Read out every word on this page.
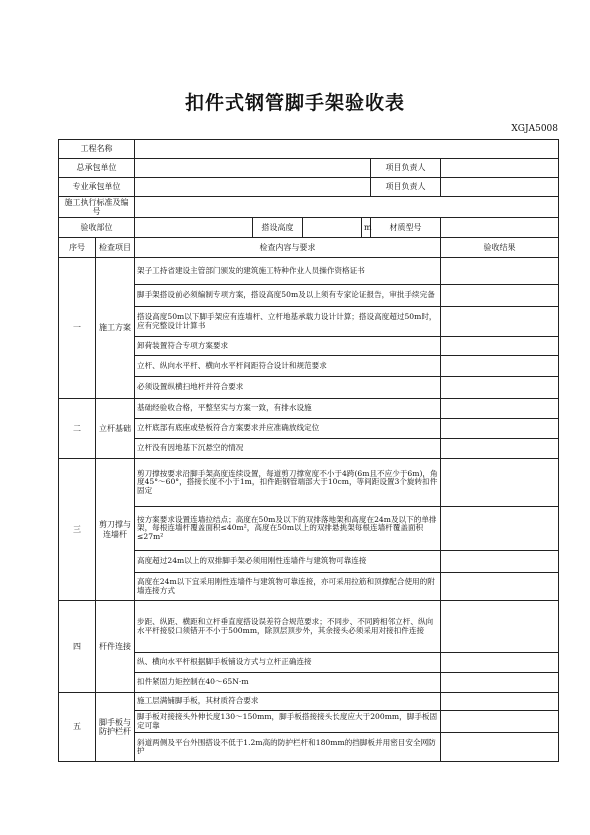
扣件式钢管脚手架验收表
XGJA5008
工程名称							
总承包单位						项目负责人	
专业承包单位						项目负责人	
施工执行标准及编号							
验收部位			搭设高度		m	材质型号	
序号	检查项目	检查内容与要求					验收结果
一	施工方案	架子工持省建设主管部门颁发的建筑施工特种作业人员操作资格证书					
		脚手架搭设前必须编制专项方案，搭设高度50m及以上须有专家论证报告，审批手续完备					
		搭设高度50m以下脚手架应有连墙杆、立杆地基承载力设计计算；搭设高度超过50m时，应有完整设计计算书					
		卸荷装置符合专项方案要求					
		立杆、纵向水平杆、横向水平杆间距符合设计和规范要求					
		必须设置纵横扫地杆并符合要求					
二	立杆基础	基础经验收合格，平整坚实与方案一致，有排水设施					
		立杆底部有底座或垫板符合方案要求并应准确放线定位					
		立杆没有因地基下沉悬空的情况					
三	剪刀撑与连墙杆	剪刀撑按要求沿脚手架高度连续设置，每道剪刀撑宽度不小于4跨(6m且不应少于6m)，角度45°～60°，搭接长度不小于1m，扣件距钢管端部大于10cm，等间距设置3个旋转扣件固定					
		按方案要求设置连墙拉结点；高度在50m及以下的双排落地架和高度在24m及以下的单排架，每根连墙杆覆盖面积≤40m²，高度在50m以上的双排悬挑架每根连墙杆覆盖面积≤27m²					
		高度超过24m以上的双排脚手架必须用刚性连墙件与建筑物可靠连接					
		高度在24m以下宜采用刚性连墙件与建筑物可靠连接，亦可采用拉筋和顶撑配合使用的附墙连接方式					
四	杆件连接	步距、纵距、横距和立杆垂直度搭设误差符合规范要求；不同步、不同跨相邻立杆、纵向水平杆接驳口须错开不小于500mm，除顶层顶步外，其余接头必须采用对接扣件连接					
		纵、横向水平杆根据脚手板铺设方式与立杆正确连接					
		扣件紧固力矩控制在40～65N·m					
五	脚手板与防护栏杆	施工层满铺脚手板，其材质符合要求					
		脚手板对接接头外伸长度130～150mm，脚手板搭接接头长度应大于200mm，脚手板固定可靠					
		斜道两侧及平台外围搭设不低于1.2m高的防护栏杆和180mm的挡脚板并用密目安全网防护					
